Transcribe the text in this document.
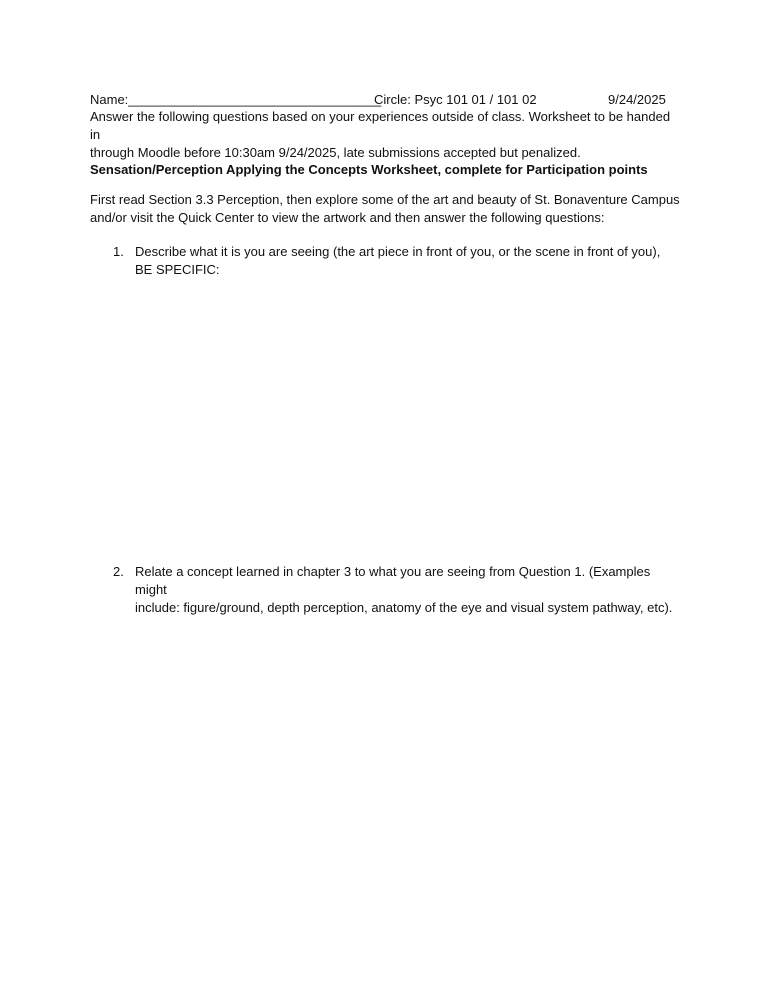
Name:___________________________________
Circle: Psyc 101 01 / 101 02	9/24/2025
Answer the following questions based on your experiences outside of class. Worksheet to be handed in
through Moodle before 10:30am 9/24/2025, late submissions accepted but penalized.
Sensation/Perception Applying the Concepts Worksheet, complete for Participation points
First read Section 3.3 Perception, then explore some of the art and beauty of St. Bonaventure Campus
and/or visit the Quick Center to view the artwork and then answer the following questions:
1. Describe what it is you are seeing (the art piece in front of you, or the scene in front of you),
BE SPECIFIC:
2. Relate a concept learned in chapter 3 to what you are seeing from Question 1. (Examples might
include: figure/ground, depth perception, anatomy of the eye and visual system pathway, etc).
